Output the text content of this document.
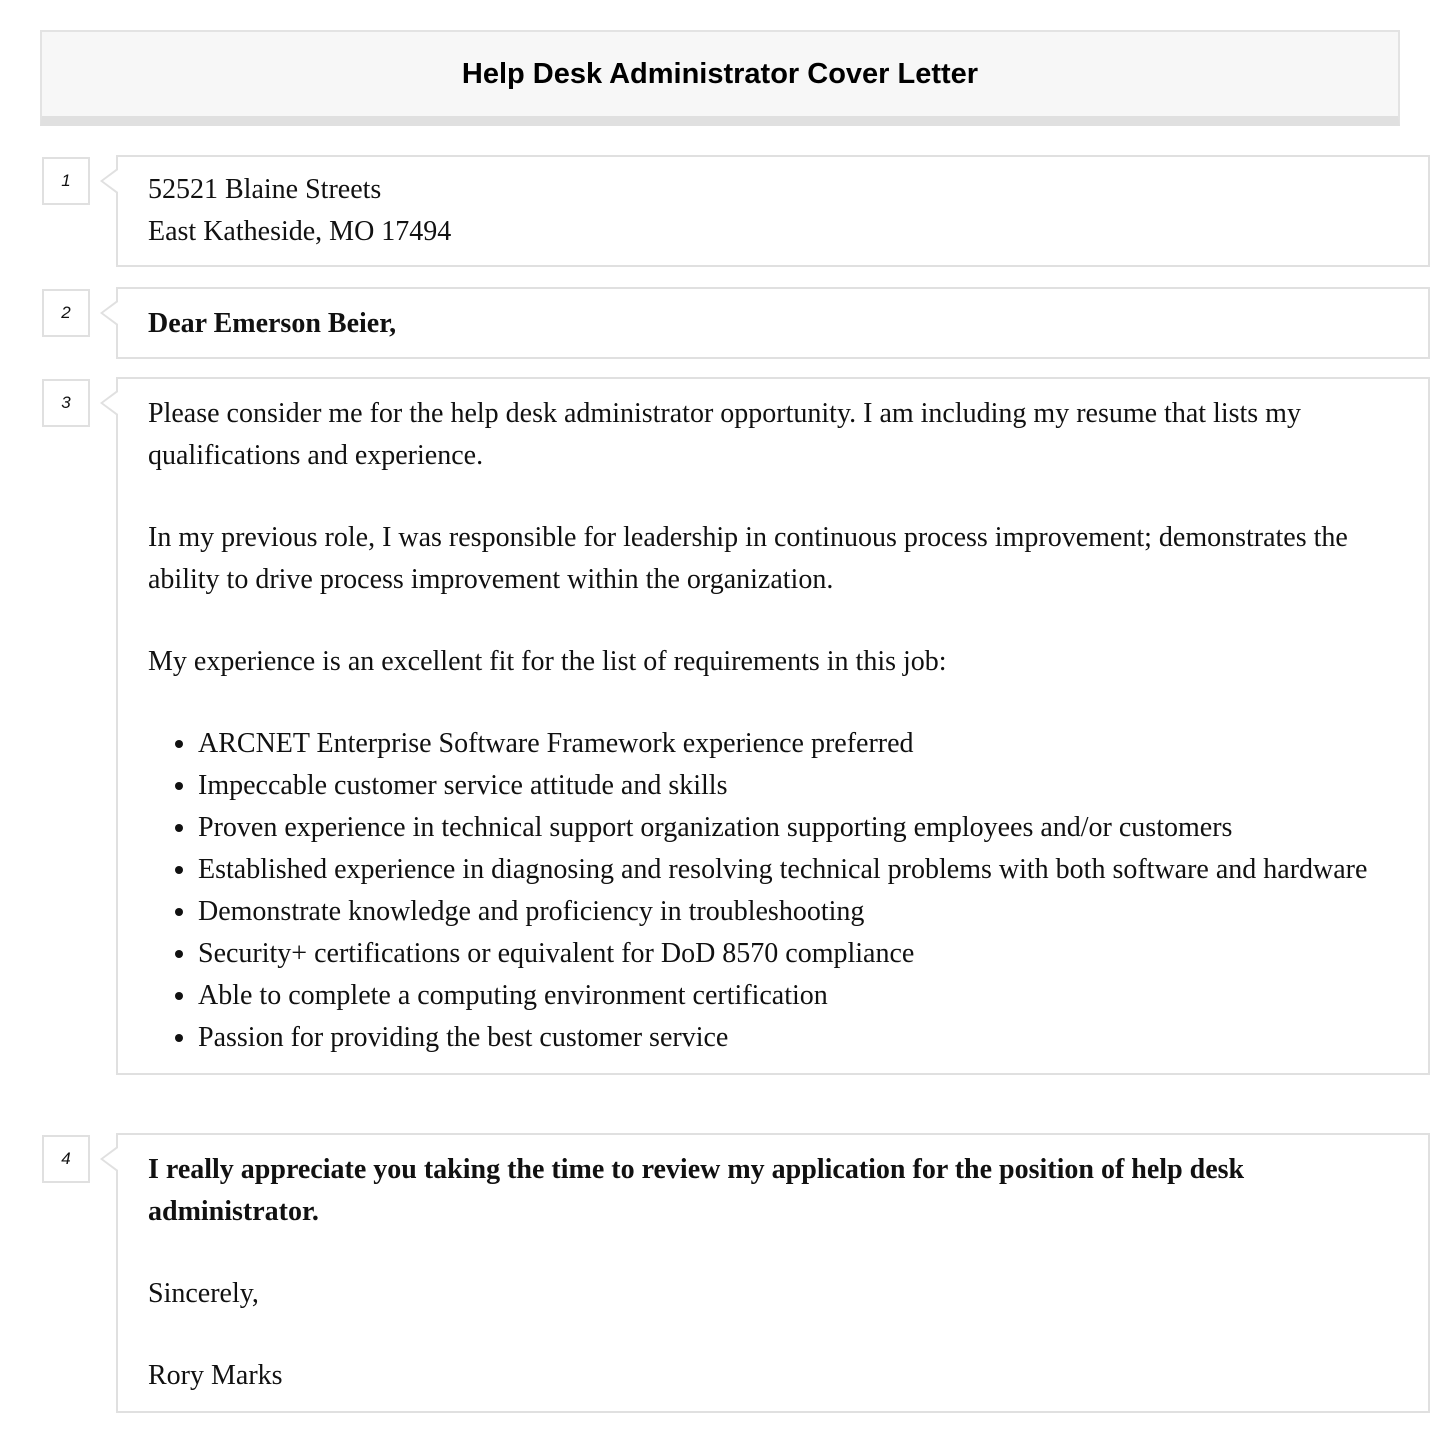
Help Desk Administrator Cover Letter
1	52521 Blaine Streets

East Katheside, MO 17494

2	Dear Emerson Beier,

3	Please consider me for the help desk administrator opportunity. I am including my resume that lists my qualifications and experience.

In my previous role, I was responsible for leadership in continuous process improvement; demonstrates the ability to drive process improvement within the organization.

My experience is an excellent fit for the list of requirements in this job:

• ARCNET Enterprise Software Framework experience preferred
• Impeccable customer service attitude and skills
• Proven experience in technical support organization supporting employees and/or customers
• Established experience in diagnosing and resolving technical problems with both software and hardware
• Demonstrate knowledge and proficiency in troubleshooting
• Security+ certifications or equivalent for DoD 8570 compliance
• Able to complete a computing environment certification
• Passion for providing the best customer service
4	I really appreciate you taking the time to review my application for the position of help desk administrator.

Sincerely,

Rory Marks
